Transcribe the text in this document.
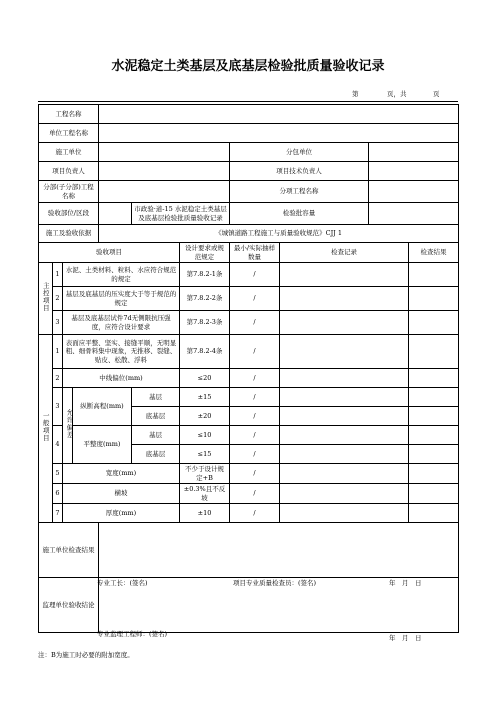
水泥稳定土类基层及底基层检验批质量验收记录
第	页，共	页
工程名称										
单位工程名称										
施工单位							分包单位			
项目负责人							项目技术负责人			
分部(子分部)工程名称							分项工程名称			
验收部位/区段					市政验·道-15 水泥稳定土类基层及底基层检验批质量验收记录		检验批容量			
施工及验收依据				《城镇道路工程施工与质量验收规范》CJJ 1						
验收项目						设计要求或规范规定	最小/实际抽样数量	检查记录		检查结果
主控项目	1	水泥、土类材料、粒料、水应符合规范的规定				第7.8.2-1条	/			
	2	基层及底基层的压实度大于等于规范的规定				第7.8.2-2条	/			
	3	基层及底基层试件7d无侧限抗压强度，应符合设计要求				第7.8.2-3条	/			
一般项目	1	表面应平整、坚实、接缝平顺，无明显粗、细骨料集中现象，无推移、裂缝、贴皮、松散、浮料				第7.8.2-4条	/			
	2	中线偏位(mm)				≤20	/			
	3	允许偏差	纵断高程(mm)		基层	±15	/			
					底基层	±20	/			
	4		平整度(mm)		基层	≤10	/			
					底基层	≤15	/			
	5	宽度(mm)				不少于设计规定+B	/			
	6	横坡				±0.3%且不反坡	/			
	7	厚度(mm)				±10	/			

施工单位检查结果										
监理单位验收结论										
专业工长：(签名)	项目专业质量检查员：(签名)	年　月　日
专业监理工程师：(签名)	年　月　日
注：B为施工时必要的附加宽度。
